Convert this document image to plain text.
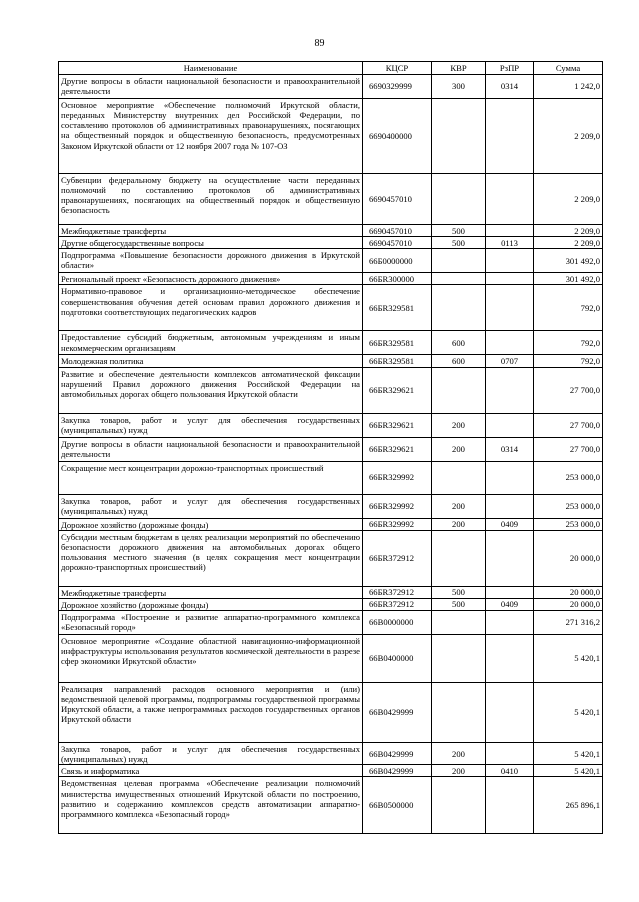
89
Наименование	КЦСР	КВР	РзПР	Сумма
Другие вопросы в области национальной безопасности и правоохранительной деятельности	6690329999	300	0314	1 242,0
Основное мероприятие «Обеспечение полномочий Иркутской области, переданных Министерству внутренних дел Российской Федерации, по составлению протоколов об административных правонарушениях, посягающих на общественный порядок и общественную безопасность, предусмотренных Законом Иркутской области от 12 ноября 2007 года № 107-ОЗ	6690400000			2 209,0
Субвенции федеральному бюджету на осуществление части переданных полномочий по составлению протоколов об административных правонарушениях, посягающих на общественный порядок и общественную безопасность	6690457010			2 209,0
Межбюджетные трансферты	6690457010	500		2 209,0
Другие общегосударственные вопросы	6690457010	500	0113	2 209,0
Подпрограмма «Повышение безопасности дорожного движения в Иркутской области»	66Б0000000			301 492,0
Региональный проект «Безопасность дорожного движения»	66БR300000			301 492,0
Нормативно-правовое и организационно-методическое обеспечение совершенствования обучения детей основам правил дорожного движения и подготовки соответствующих педагогических кадров	66БR329581			792,0
Предоставление субсидий бюджетным, автономным учреждениям и иным некоммерческим организациям	66БR329581	600		792,0
Молодежная политика	66БR329581	600	0707	792,0
Развитие и обеспечение деятельности комплексов автоматической фиксации нарушений Правил дорожного движения Российской Федерации на автомобильных дорогах общего пользования Иркутской области	66БR329621			27 700,0
Закупка товаров, работ и услуг для обеспечения государственных (муниципальных) нужд	66БR329621	200		27 700,0
Другие вопросы в области национальной безопасности и правоохранительной деятельности	66БR329621	200	0314	27 700,0
Сокращение мест концентрации дорожно-транспортных происшествий	66БR329992			253 000,0
Закупка товаров, работ и услуг для обеспечения государственных (муниципальных) нужд	66БR329992	200		253 000,0
Дорожное хозяйство (дорожные фонды)	66БR329992	200	0409	253 000,0
Субсидии местным бюджетам в целях реализации мероприятий по обеспечению безопасности дорожного движения на автомобильных дорогах общего пользования местного значения (в целях сокращения мест концентрации дорожно-транспортных происшествий)	66БR372912			20 000,0
Межбюджетные трансферты	66БR372912	500		20 000,0
Дорожное хозяйство (дорожные фонды)	66БR372912	500	0409	20 000,0
Подпрограмма «Построение и развитие аппаратно-программного комплекса «Безопасный город»	66В0000000			271 316,2
Основное мероприятие «Создание областной навигационно-информационной инфраструктуры использования результатов космической деятельности в разрезе сфер экономики Иркутской области»	66В0400000			5 420,1
Реализация направлений расходов основного мероприятия и (или) ведомственной целевой программы, подпрограммы государственной программы Иркутской области, а также непрограммных расходов государственных органов Иркутской области	66В0429999			5 420,1
Закупка товаров, работ и услуг для обеспечения государственных (муниципальных) нужд	66В0429999	200		5 420,1
Связь и информатика	66В0429999	200	0410	5 420,1
Ведомственная целевая программа «Обеспечение реализации полномочий министерства имущественных отношений Иркутской области по построению, развитию и содержанию комплексов средств автоматизации аппаратно-программного комплекса «Безопасный город»	66В0500000			265 896,1
